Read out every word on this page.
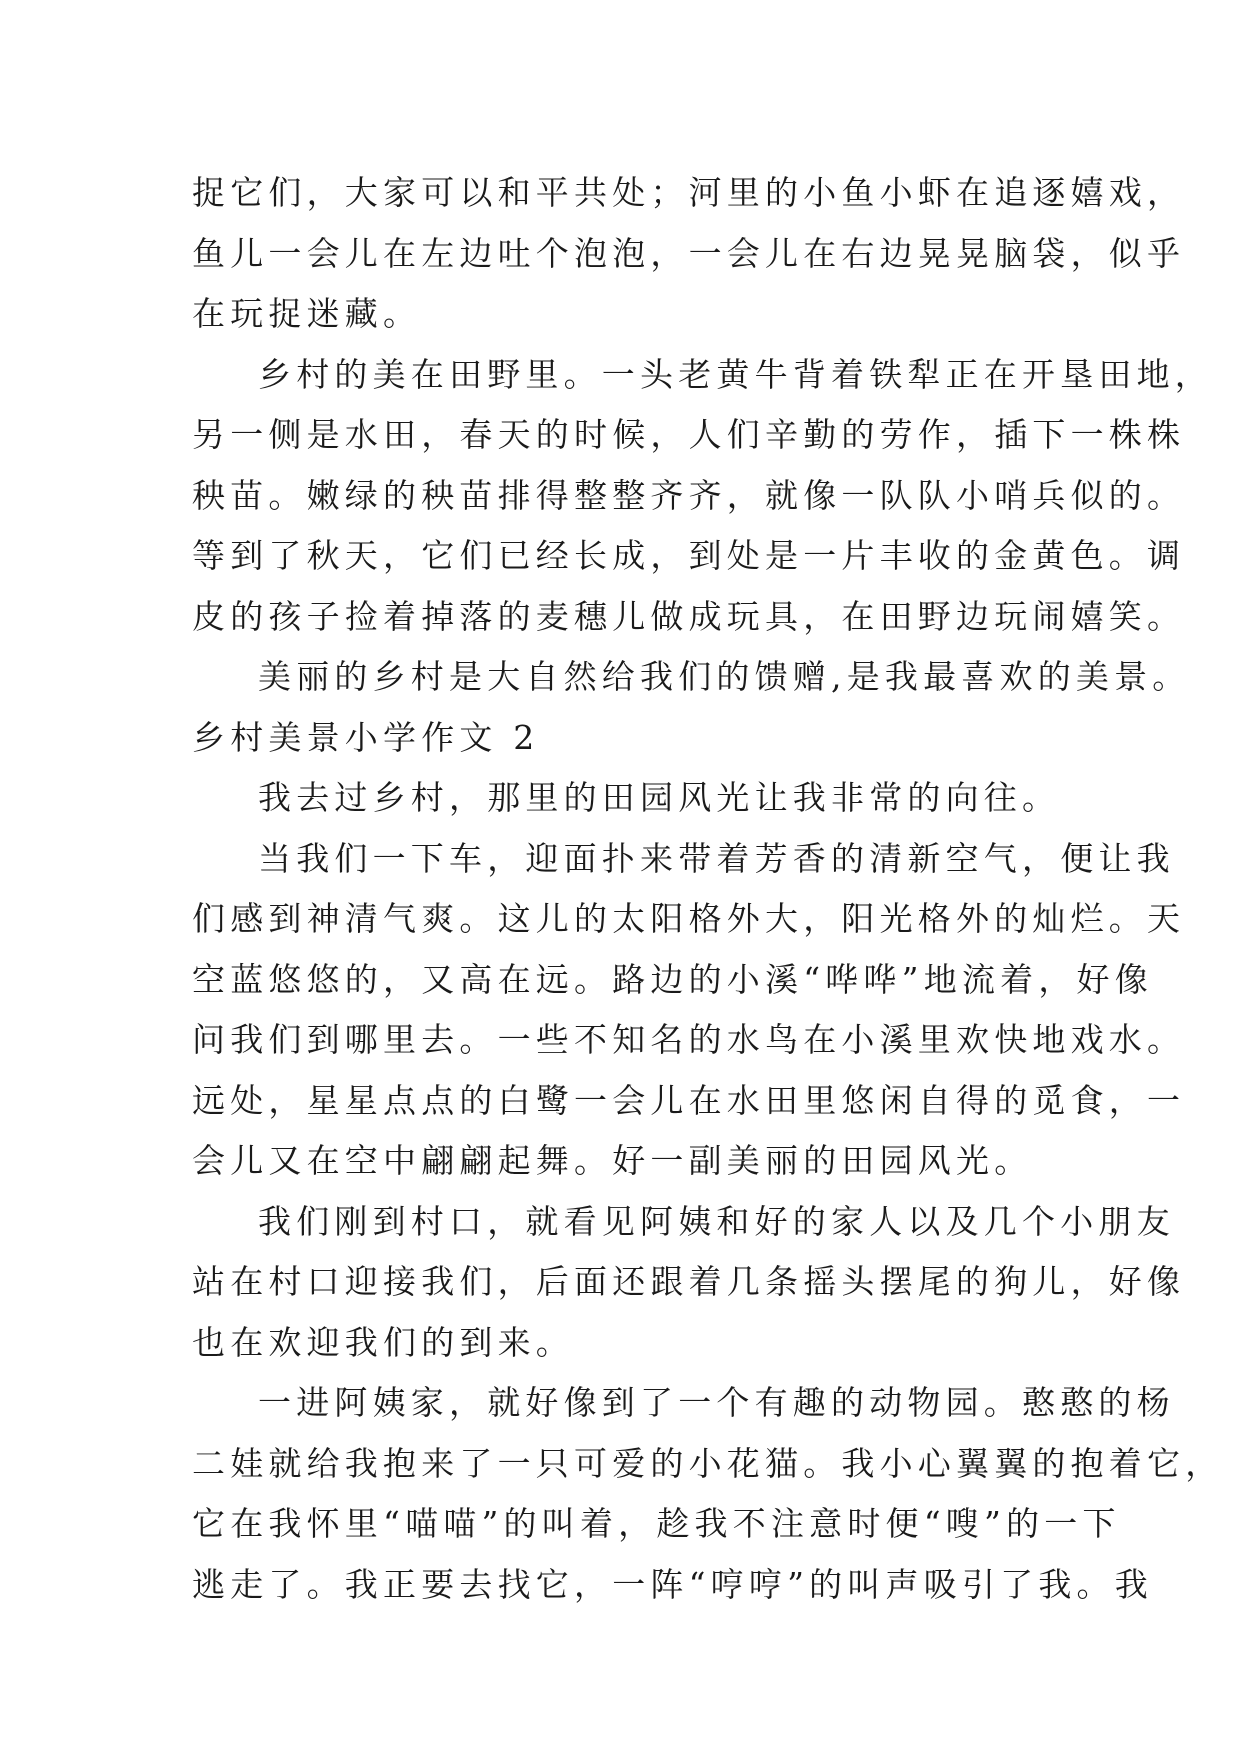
捉它们，大家可以和平共处；河里的小鱼小虾在追逐嬉戏，
鱼儿一会儿在左边吐个泡泡，一会儿在右边晃晃脑袋，似乎
在玩捉迷藏。
乡村的美在田野里。一头老黄牛背着铁犁正在开垦田地，
另一侧是水田，春天的时候，人们辛勤的劳作，插下一株株
秧苗。嫩绿的秧苗排得整整齐齐，就像一队队小哨兵似的。
等到了秋天，它们已经长成，到处是一片丰收的金黄色。调
皮的孩子捡着掉落的麦穗儿做成玩具，在田野边玩闹嬉笑。
美丽的乡村是大自然给我们的馈赠,是我最喜欢的美景。
乡村美景小学作文 2
我去过乡村，那里的田园风光让我非常的向往。
当我们一下车，迎面扑来带着芳香的清新空气，便让我
们感到神清气爽。这儿的太阳格外大，阳光格外的灿烂。天
空蓝悠悠的，又高在远。路边的小溪“哗哗”地流着，好像
问我们到哪里去。一些不知名的水鸟在小溪里欢快地戏水。
远处，星星点点的白鹭一会儿在水田里悠闲自得的觅食，一
会儿又在空中翩翩起舞。好一副美丽的田园风光。
我们刚到村口，就看见阿姨和好的家人以及几个小朋友
站在村口迎接我们，后面还跟着几条摇头摆尾的狗儿，好像
也在欢迎我们的到来。
一进阿姨家，就好像到了一个有趣的动物园。憨憨的杨
二娃就给我抱来了一只可爱的小花猫。我小心翼翼的抱着它，
它在我怀里“喵喵”的叫着，趁我不注意时便“嗖”的一下
逃走了。我正要去找它，一阵“哼哼”的叫声吸引了我。我
